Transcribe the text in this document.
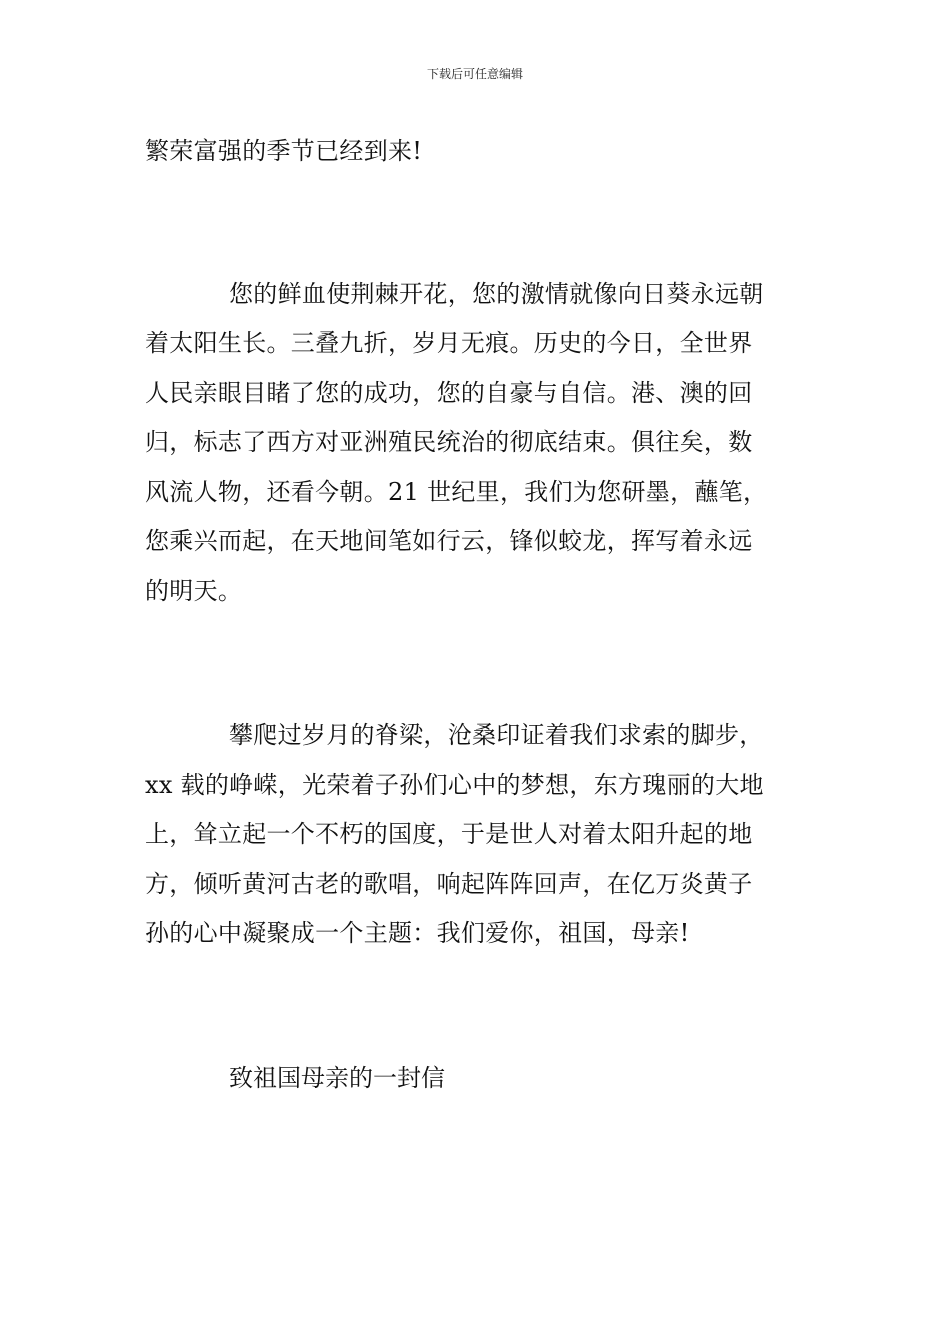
下载后可任意编辑

繁荣富强的季节已经到来!

您的鲜血使荆棘开花，您的激情就像向日葵永远朝
着太阳生长。三叠九折，岁月无痕。历史的今日，全世界
人民亲眼目睹了您的成功，您的自豪与自信。港、澳的回
归，标志了西方对亚洲殖民统治的彻底结束。俱往矣，数
风流人物，还看今朝。21 世纪里，我们为您研墨，蘸笔，
您乘兴而起，在天地间笔如行云，锋似蛟龙，挥写着永远
的明天。

攀爬过岁月的脊梁，沧桑印证着我们求索的脚步，
xx 载的峥嵘，光荣着子孙们心中的梦想，东方瑰丽的大地
上，耸立起一个不朽的国度，于是世人对着太阳升起的地
方，倾听黄河古老的歌唱，响起阵阵回声，在亿万炎黄子
孙的心中凝聚成一个主题：我们爱你，祖国，母亲!

致祖国母亲的一封信
